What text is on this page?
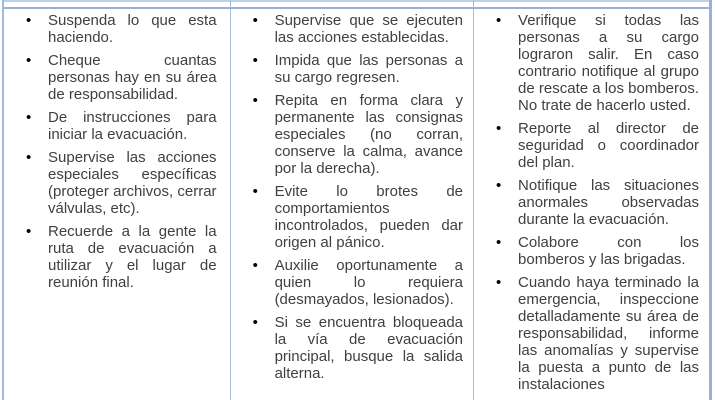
• Suspenda lo que esta haciendo.
• Cheque cuantas personas hay en su área de responsabilidad.
• De instrucciones para iniciar la evacuación.
• Supervise las acciones especiales específicas (proteger archivos, cerrar válvulas, etc).
• Recuerde a la gente la ruta de evacuación a utilizar y el lugar de reunión final.
• Supervise que se ejecuten las acciones establecidas.
• Impida que las personas a su cargo regresen.
• Repita en forma clara y permanente las consignas especiales (no corran, conserve la calma, avance por la derecha).
• Evite lo brotes de comportamientos incontrolados, pueden dar origen al pánico.
• Auxilie oportunamente a quien lo requiera (desmayados, lesionados).
• Si se encuentra bloqueada la vía de evacuación principal, busque la salida alterna.
• Verifique si todas las personas a su cargo lograron salir. En caso contrario notifique al grupo de rescate a los bomberos. No trate de hacerlo usted.
• Reporte al director de seguridad o coordinador del plan.
• Notifique las situaciones anormales observadas durante la evacuación.
• Colabore con los bomberos y las brigadas.
• Cuando haya terminado la emergencia, inspeccione detalladamente su área de responsabilidad, informe las anomalías y supervise la puesta a punto de las instalaciones
